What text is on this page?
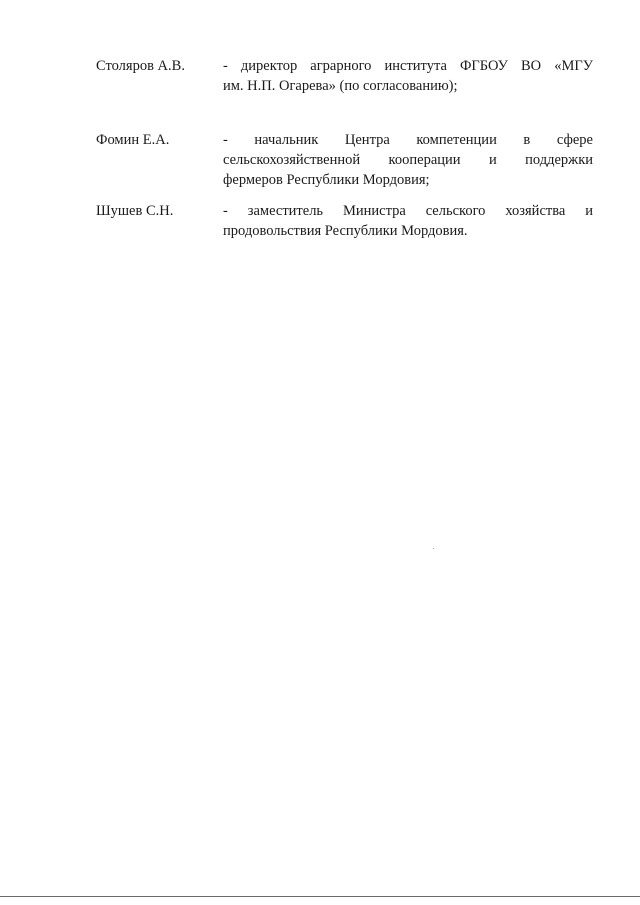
Столяров А.В.	- директор аграрного института ФГБОУ ВО «МГУ
им. Н.П. Огарева» (по согласованию);
Фомин Е.А.	- начальник Центра компетенции в сфере
сельскохозяйственной кооперации и поддержки
фермеров Республики Мордовия;
Шушев С.Н.	- заместитель Министра сельского хозяйства и
продовольствия Республики Мордовия.
